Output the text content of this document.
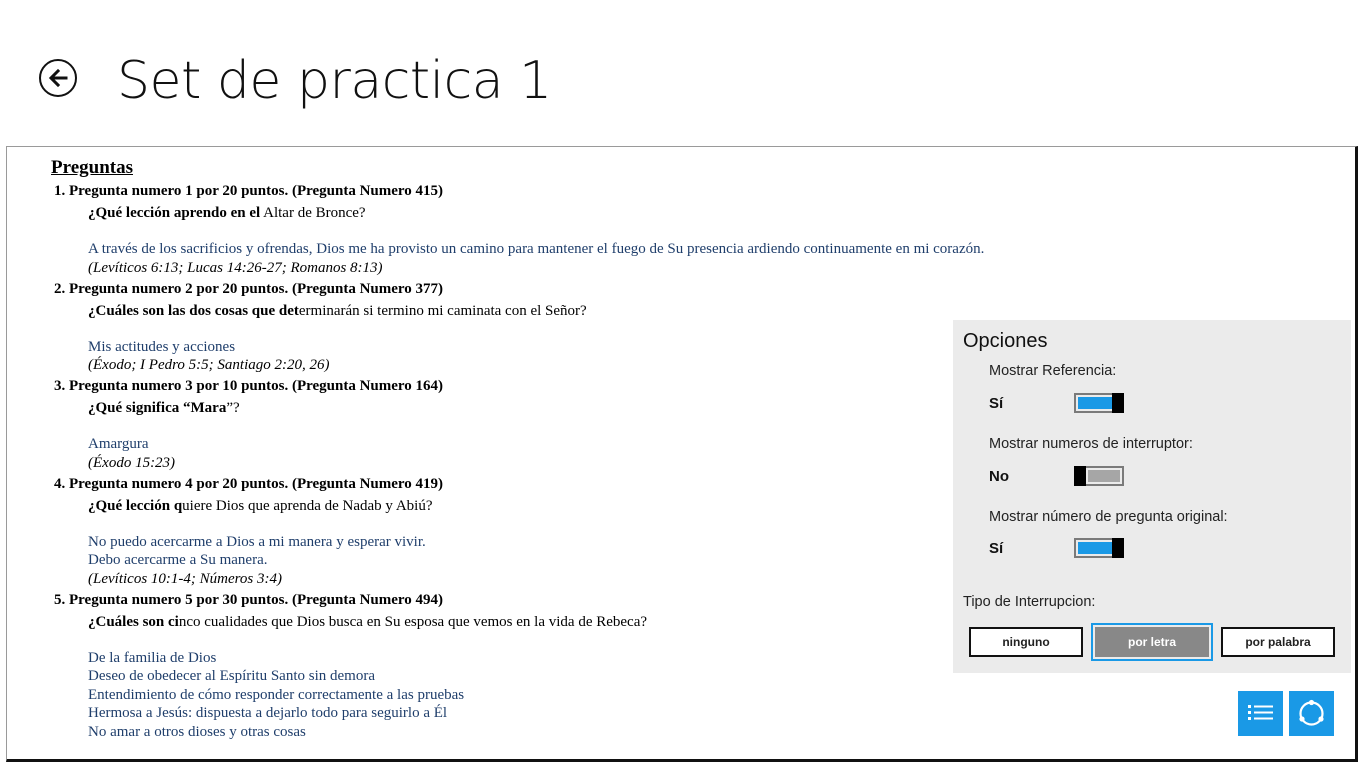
Set de practica 1
Preguntas
1. Pregunta numero 1 por 20 puntos. (Pregunta Numero 415)
¿Qué lección aprendo en el Altar de Bronce?
A través de los sacrificios y ofrendas, Dios me ha provisto un camino para mantener el fuego de Su presencia ardiendo continuamente en mi corazón.
(Levíticos 6:13; Lucas 14:26-27; Romanos 8:13)
2. Pregunta numero 2 por 20 puntos. (Pregunta Numero 377)
¿Cuáles son las dos cosas que determinarán si termino mi caminata con el Señor?
Mis actitudes y acciones
(Éxodo; I Pedro 5:5; Santiago 2:20, 26)
3. Pregunta numero 3 por 10 puntos. (Pregunta Numero 164)
¿Qué significa “Mara”?
Amargura
(Éxodo 15:23)
4. Pregunta numero 4 por 20 puntos. (Pregunta Numero 419)
¿Qué lección quiere Dios que aprenda de Nadab y Abiú?
No puedo acercarme a Dios a mi manera y esperar vivir.
Debo acercarme a Su manera.
(Levíticos 10:1-4; Números 3:4)
5. Pregunta numero 5 por 30 puntos. (Pregunta Numero 494)
¿Cuáles son cinco cualidades que Dios busca en Su esposa que vemos en la vida de Rebeca?
De la familia de Dios
Deseo de obedecer al Espíritu Santo sin demora
Entendimiento de cómo responder correctamente a las pruebas
Hermosa a Jesús: dispuesta a dejarlo todo para seguirlo a Él
No amar a otros dioses y otras cosas
Opciones
Mostrar Referencia:
Sí
Mostrar numeros de interruptor:
No
Mostrar número de pregunta original:
Sí
Tipo de Interrupcion:
ninguno	por letra	por palabra
